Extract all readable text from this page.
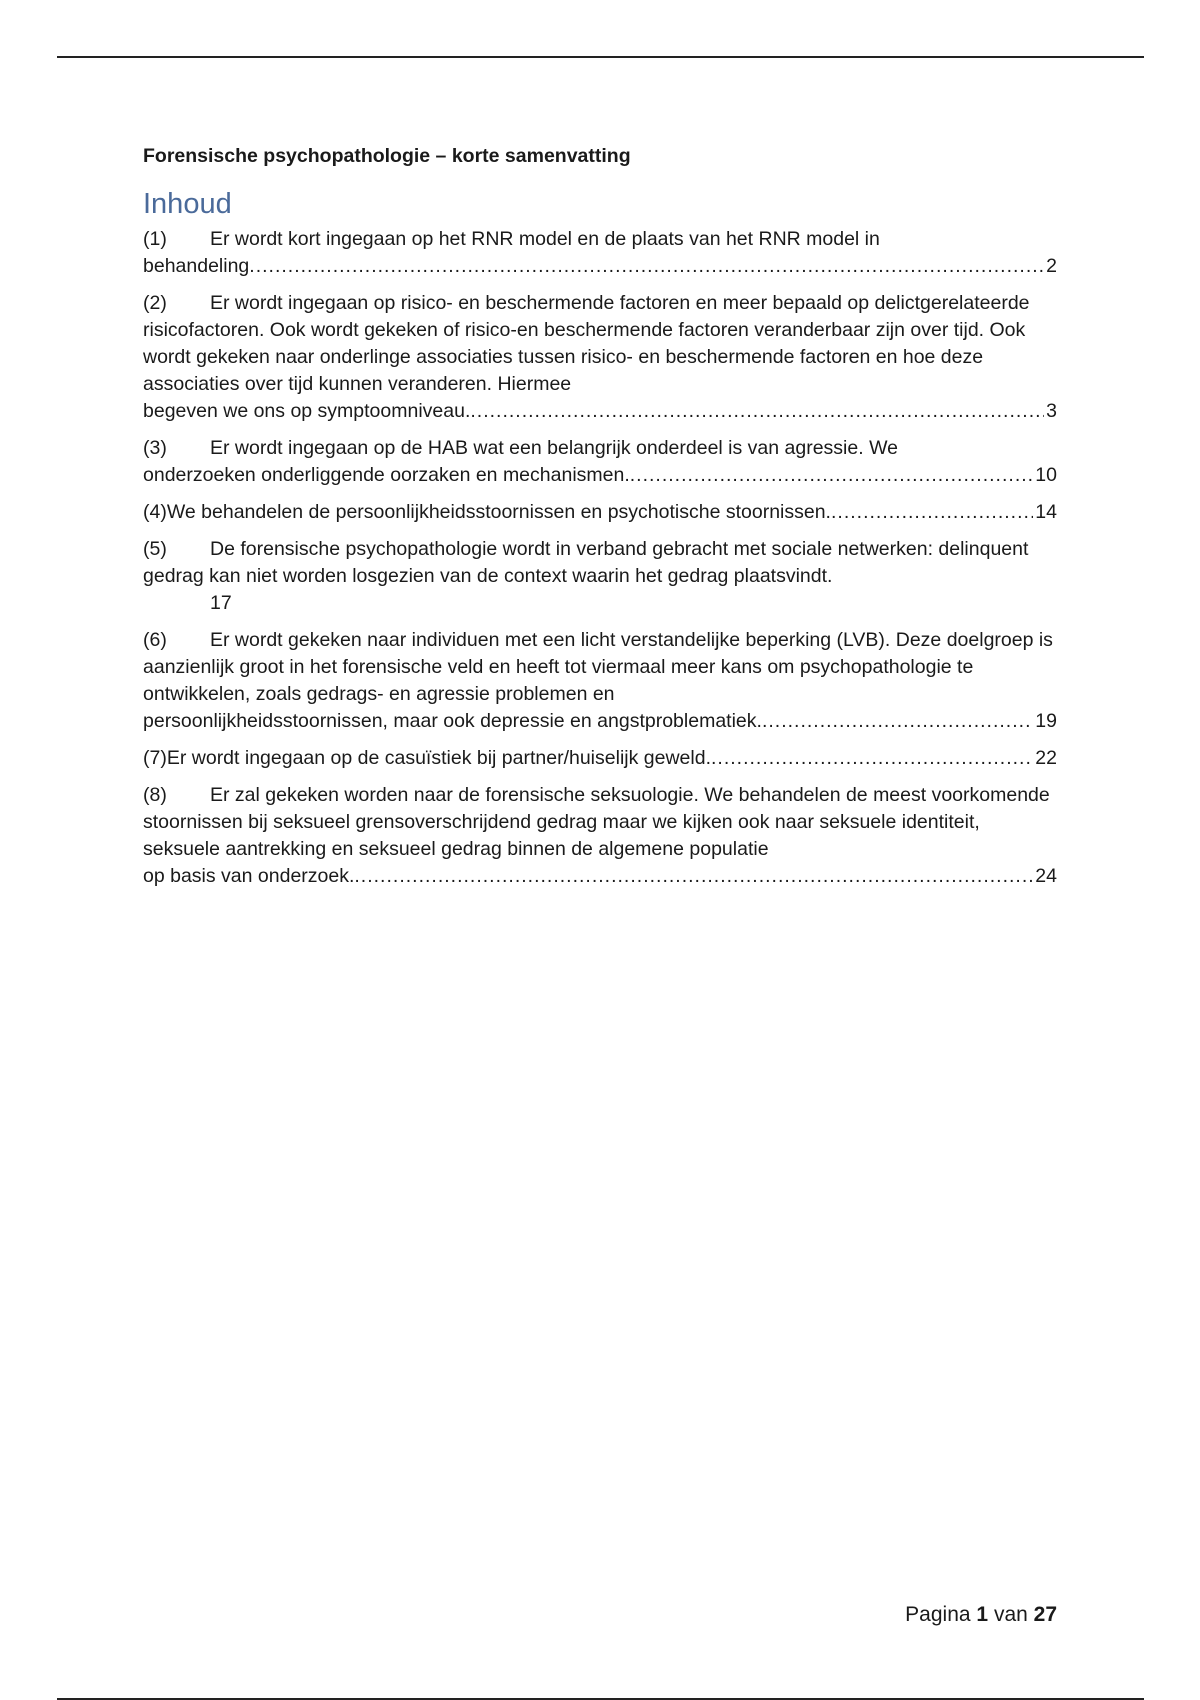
Forensische psychopathologie – korte samenvatting
Inhoud
(1) Er wordt kort ingegaan op het RNR model en de plaats van het RNR model in
behandeling .....	2
(2) Er wordt ingegaan op risico- en beschermende factoren en meer bepaald op delictgerelateerde risicofactoren. Ook wordt gekeken of risico-en beschermende factoren veranderbaar zijn over tijd. Ook wordt gekeken naar onderlinge associaties tussen risico- en beschermende factoren en hoe deze associaties over tijd kunnen veranderen. Hiermee
begeven we ons op symptoomniveau. .....	3
(3) Er wordt ingegaan op de HAB wat een belangrijk onderdeel is van agressie. We
onderzoeken onderliggende oorzaken en mechanismen. .....	10
(4) We behandelen de persoonlijkheidsstoornissen en psychotische stoornissen. .....	14
(5) De forensische psychopathologie wordt in verband gebracht met sociale netwerken: delinquent gedrag kan niet worden losgezien van de context waarin het gedrag plaatsvindt.
17
(6) Er wordt gekeken naar individuen met een licht verstandelijke beperking (LVB). Deze doelgroep is aanzienlijk groot in het forensische veld en heeft tot viermaal meer kans om psychopathologie te ontwikkelen, zoals gedrags- en agressie problemen en
persoonlijkheidsstoornissen, maar ook depressie en angstproblematiek. .....	19
(7) Er wordt ingegaan op de casuïstiek bij partner/huiselijk geweld. .....	22
(8) Er zal gekeken worden naar de forensische seksuologie. We behandelen de meest voorkomende stoornissen bij seksueel grensoverschrijdend gedrag maar we kijken ook naar seksuele identiteit, seksuele aantrekking en seksueel gedrag binnen de algemene populatie
op basis van onderzoek. .....	24
Pagina 1 van 27
